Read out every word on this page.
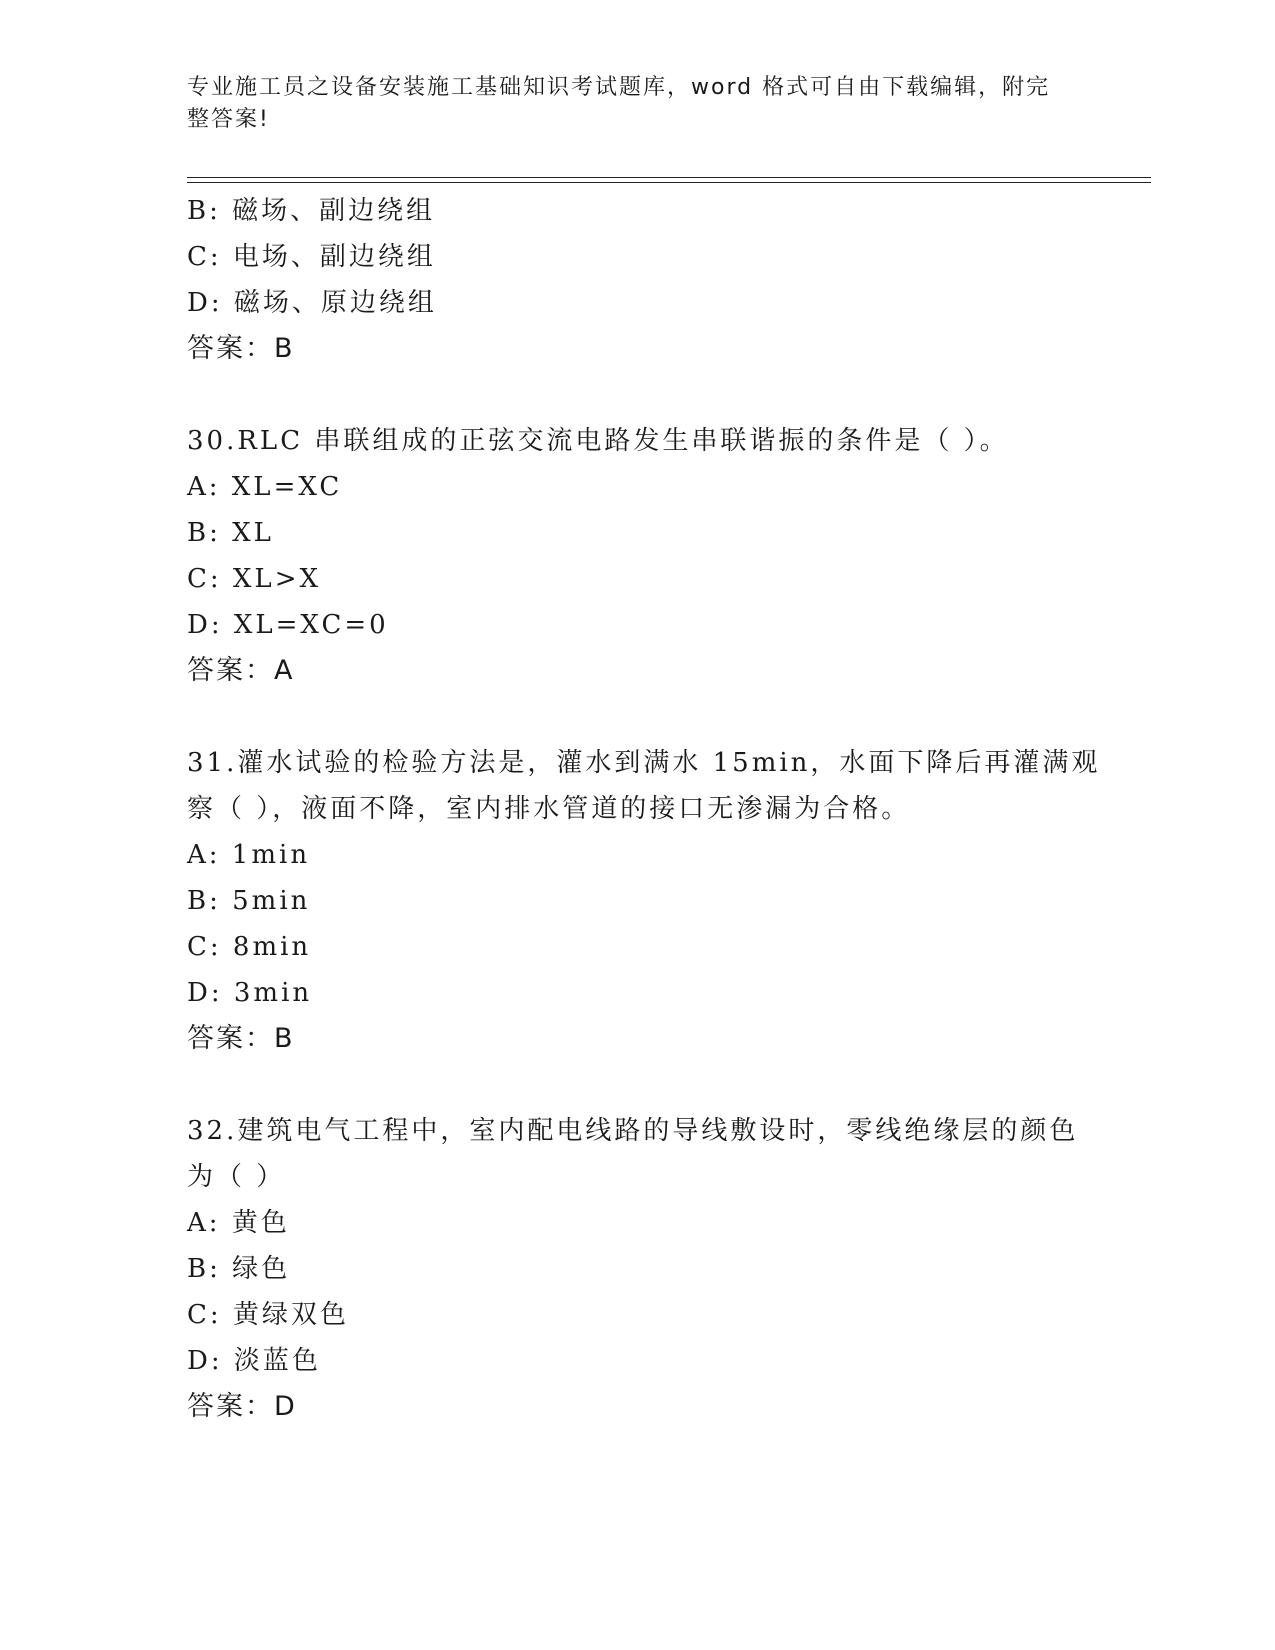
专业施工员之设备安装施工基础知识考试题库，word 格式可自由下载编辑，附完
整答案!
B: 磁场、副边绕组
C: 电场、副边绕组
D: 磁场、原边绕组
答案：B
30.RLC 串联组成的正弦交流电路发生串联谐振的条件是（ ）。
A: XL=XC
B: XL
C: XL>X
D: XL=XC=0
答案：A
31.灌水试验的检验方法是，灌水到满水 15min，水面下降后再灌满观
察（ ），液面不降，室内排水管道的接口无渗漏为合格。
A: 1min
B: 5min
C: 8min
D: 3min
答案：B
32.建筑电气工程中，室内配电线路的导线敷设时，零线绝缘层的颜色
为（ ）
A: 黄色
B: 绿色
C: 黄绿双色
D: 淡蓝色
答案：D
